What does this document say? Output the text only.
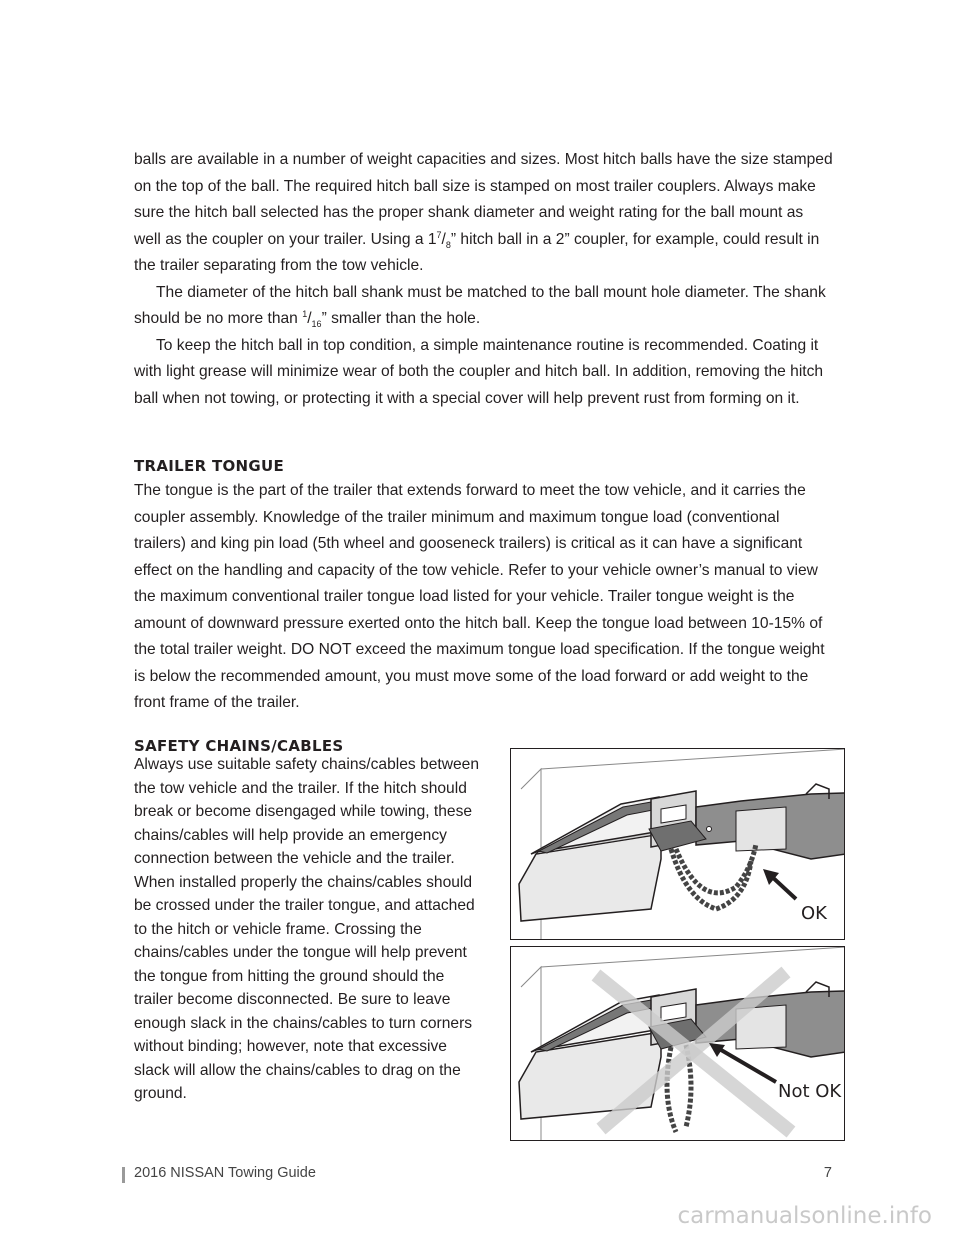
balls are available in a number of weight capacities and sizes. Most hitch balls have the size stamped on the top of the ball. The required hitch ball size is stamped on most trailer couplers. Always make sure the hitch ball selected has the proper shank diameter and weight rating for the ball mount as well as the coupler on your trailer. Using a $1^7/_8$” hitch ball in a 2” coupler, for example, could result in the trailer separating from the tow vehicle.

The diameter of the hitch ball shank must be matched to the ball mount hole diameter. The shank should be no more than $^1/_{16}$” smaller than the hole.

To keep the hitch ball in top condition, a simple maintenance routine is recommended. Coating it with light grease will minimize wear of both the coupler and hitch ball. In addition, removing the hitch ball when not towing, or protecting it with a special cover will help prevent rust from forming on it.

TRAILER TONGUE

The tongue is the part of the trailer that extends forward to meet the tow vehicle, and it carries the coupler assembly. Knowledge of the trailer minimum and maximum tongue load (conventional trailers) and king pin load (5th wheel and gooseneck trailers) is critical as it can have a significant effect on the handling and capacity of the tow vehicle. Refer to your vehicle owner’s manual to view the maximum conventional trailer tongue load listed for your vehicle. Trailer tongue weight is the amount of downward pressure exerted onto the hitch ball. Keep the tongue load between 10-15% of the total trailer weight. DO NOT exceed the maximum tongue load specification. If the tongue weight is below the recommended amount, you must move some of the load forward or add weight to the front frame of the trailer.

SAFETY CHAINS/CABLES

Always use suitable safety chains/cables between the tow vehicle and the trailer. If the hitch should break or become disengaged while towing, these chains/cables will help provide an emergency connection between the vehicle and the trailer.

When installed properly the chains/cables should be crossed under the trailer tongue, and attached to the hitch or vehicle frame. Crossing the chains/cables under the tongue will help prevent the tongue from hitting the ground should the trailer become disconnected. Be sure to leave enough slack in the chains/cables to turn corners without binding; however, note that excessive slack will allow the chains/cables to drag on the ground.

OK
Not OK
2016 NISSAN Towing Guide	7
carmanualsonline.info
